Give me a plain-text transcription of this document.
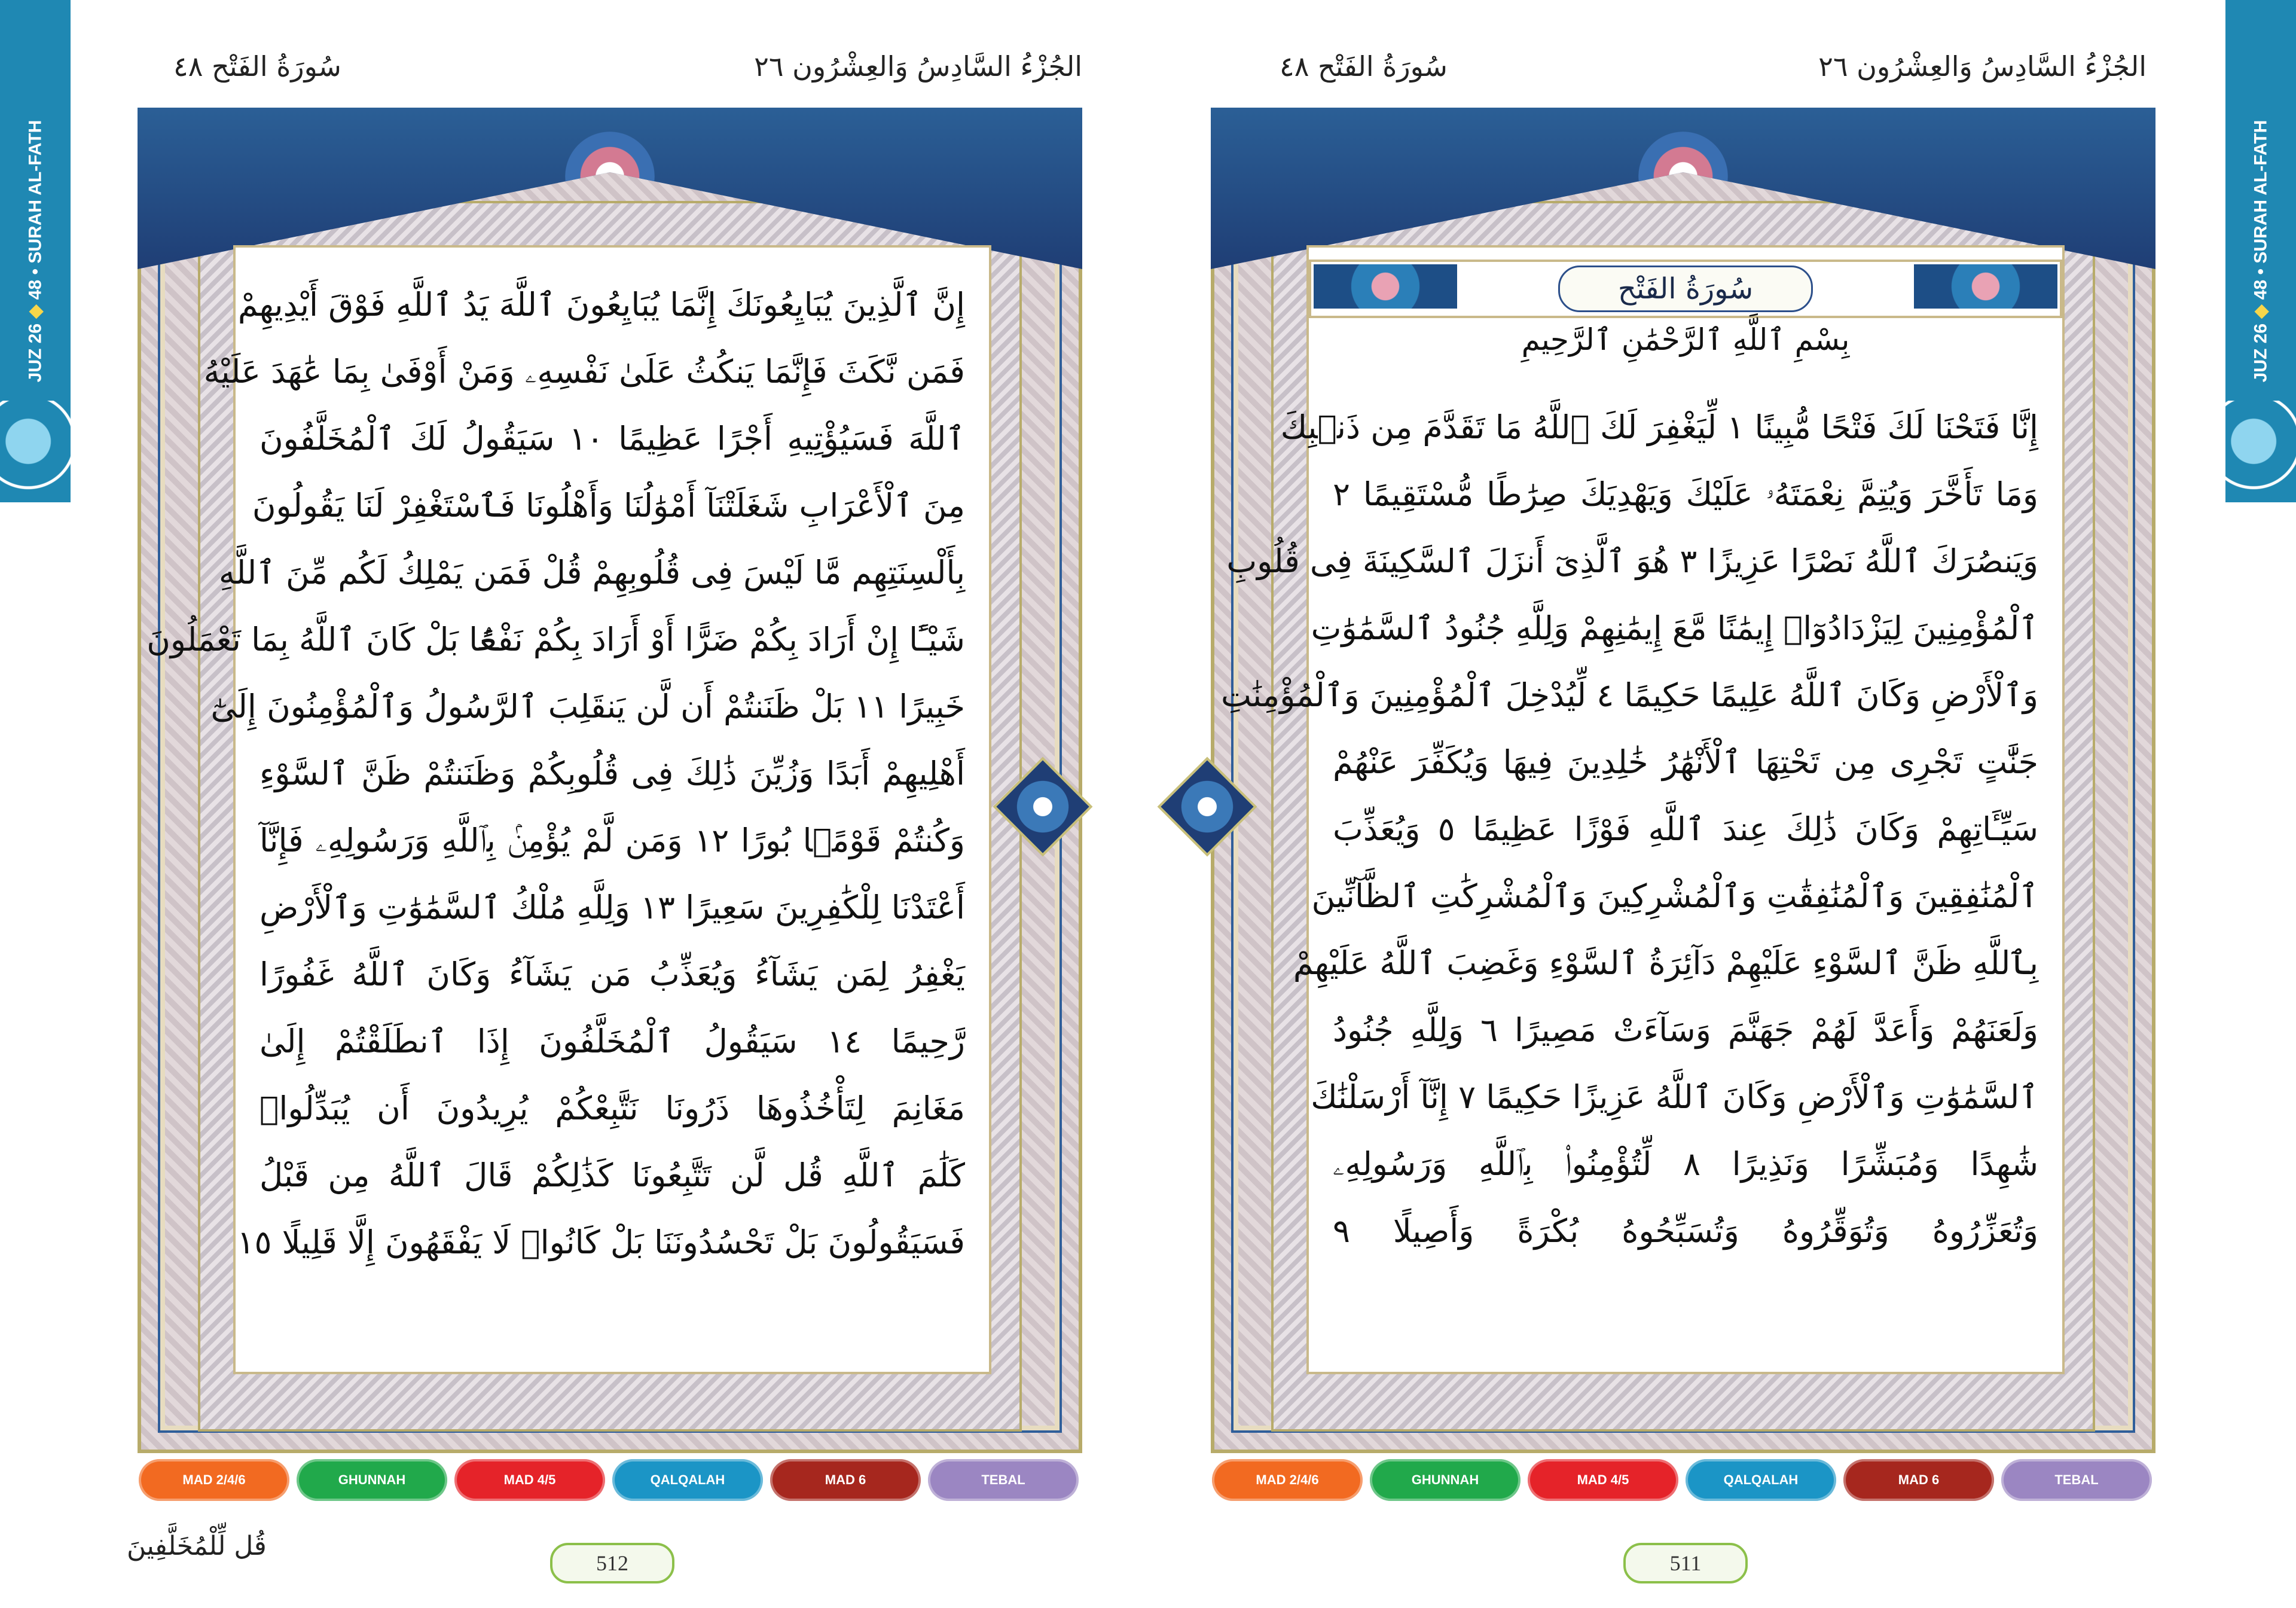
JUZ 26 ◆ 48 • SURAH AL-FATH
سُورَةُ الفَتْح ٤٨	الجُزْءُ السَّادِسُ وَالعِشْرُون ٢٦
إِنَّ ٱلَّذِينَ يُبَايِعُونَكَ إِنَّمَا يُبَايِعُونَ ٱللَّهَ يَدُ ٱللَّهِ فَوْقَ أَيْدِيهِمْ
فَمَن نَّكَثَ فَإِنَّمَا يَنكُثُ عَلَىٰ نَفْسِهِۦ وَمَنْ أَوْفَىٰ بِمَا عَٰهَدَ عَلَيْهُ
ٱللَّهَ فَسَيُؤْتِيهِ أَجْرًا عَظِيمًا ١٠ سَيَقُولُ لَكَ ٱلْمُخَلَّفُونَ
مِنَ ٱلْأَعْرَابِ شَغَلَتْنَآ أَمْوَٰلُنَا وَأَهْلُونَا فَٱسْتَغْفِرْ لَنَا يَقُولُونَ
بِأَلْسِنَتِهِم مَّا لَيْسَ فِى قُلُوبِهِمْ قُلْ فَمَن يَمْلِكُ لَكُم مِّنَ ٱللَّهِ
شَيْـًٔا إِنْ أَرَادَ بِكُمْ ضَرًّا أَوْ أَرَادَ بِكُمْ نَفْعًۢا بَلْ كَانَ ٱللَّهُ بِمَا تَعْمَلُونَ
خَبِيرًا ١١ بَلْ ظَنَنتُمْ أَن لَّن يَنقَلِبَ ٱلرَّسُولُ وَٱلْمُؤْمِنُونَ إِلَىٰٓ
أَهْلِيهِمْ أَبَدًا وَزُيِّنَ ذَٰلِكَ فِى قُلُوبِكُمْ وَظَنَنتُمْ ظَنَّ ٱلسَّوْءِ
وَكُنتُمْ قَوْمًۢا بُورًا ١٢ وَمَن لَّمْ يُؤْمِنۢ بِٱللَّهِ وَرَسُولِهِۦ فَإِنَّآ
أَعْتَدْنَا لِلْكَٰفِرِينَ سَعِيرًا ١٣ وَلِلَّهِ مُلْكُ ٱلسَّمَٰوَٰتِ وَٱلْأَرْضِ
يَغْفِرُ لِمَن يَشَآءُ وَيُعَذِّبُ مَن يَشَآءُ وَكَانَ ٱللَّهُ غَفُورًا
رَّحِيمًا ١٤ سَيَقُولُ ٱلْمُخَلَّفُونَ إِذَا ٱنطَلَقْتُمْ إِلَىٰ
مَغَانِمَ لِتَأْخُذُوهَا ذَرُونَا نَتَّبِعْكُمْ يُرِيدُونَ أَن يُبَدِّلُوا۟
كَلَٰمَ ٱللَّهِ قُل لَّن تَتَّبِعُونَا كَذَٰلِكُمْ قَالَ ٱللَّهُ مِن قَبْلُ
فَسَيَقُولُونَ بَلْ تَحْسُدُونَنَا بَلْ كَانُوا۟ لَا يَفْقَهُونَ إِلَّا قَلِيلًا ١٥
MAD 2/4/6	GHUNNAH	MAD 4/5	QALQALAH	MAD 6	TEBAL
قُل لِّلْمُخَلَّفِينَ
512
سُورَةُ الفَتْح ٤٨	الجُزْءُ السَّادِسُ وَالعِشْرُون ٢٦
سُورَةُ الفَتْح
بِسْمِ ٱللَّهِ ٱلرَّحْمَٰنِ ٱلرَّحِيمِ
إِنَّا فَتَحْنَا لَكَ فَتْحًا مُّبِينًا ١ لِّيَغْفِرَ لَكَ ٱللَّهُ مَا تَقَدَّمَ مِن ذَنۢبِكَ
وَمَا تَأَخَّرَ وَيُتِمَّ نِعْمَتَهُۥ عَلَيْكَ وَيَهْدِيَكَ صِرَٰطًا مُّسْتَقِيمًا ٢
وَيَنصُرَكَ ٱللَّهُ نَصْرًا عَزِيزًا ٣ هُوَ ٱلَّذِىٓ أَنزَلَ ٱلسَّكِينَةَ فِى قُلُوبِ
ٱلْمُؤْمِنِينَ لِيَزْدَادُوٓا۟ إِيمَٰنًا مَّعَ إِيمَٰنِهِمْ وَلِلَّهِ جُنُودُ ٱلسَّمَٰوَٰتِ
وَٱلْأَرْضِ وَكَانَ ٱللَّهُ عَلِيمًا حَكِيمًا ٤ لِّيُدْخِلَ ٱلْمُؤْمِنِينَ وَٱلْمُؤْمِنَٰتِ
جَنَّٰتٍ تَجْرِى مِن تَحْتِهَا ٱلْأَنْهَٰرُ خَٰلِدِينَ فِيهَا وَيُكَفِّرَ عَنْهُمْ
سَيِّـَٔاتِهِمْ وَكَانَ ذَٰلِكَ عِندَ ٱللَّهِ فَوْزًا عَظِيمًا ٥ وَيُعَذِّبَ
ٱلْمُنَٰفِقِينَ وَٱلْمُنَٰفِقَٰتِ وَٱلْمُشْرِكِينَ وَٱلْمُشْرِكَٰتِ ٱلظَّآنِّينَ
بِٱللَّهِ ظَنَّ ٱلسَّوْءِ عَلَيْهِمْ دَآئِرَةُ ٱلسَّوْءِ وَغَضِبَ ٱللَّهُ عَلَيْهِمْ
وَلَعَنَهُمْ وَأَعَدَّ لَهُمْ جَهَنَّمَ وَسَآءَتْ مَصِيرًا ٦ وَلِلَّهِ جُنُودُ
ٱلسَّمَٰوَٰتِ وَٱلْأَرْضِ وَكَانَ ٱللَّهُ عَزِيزًا حَكِيمًا ٧ إِنَّآ أَرْسَلْنَٰكَ
شَٰهِدًا وَمُبَشِّرًا وَنَذِيرًا ٨ لِّتُؤْمِنُوا۟ بِٱللَّهِ وَرَسُولِهِۦ
وَتُعَزِّرُوهُ وَتُوَقِّرُوهُ وَتُسَبِّحُوهُ بُكْرَةً وَأَصِيلًا ٩
MAD 2/4/6	GHUNNAH	MAD 4/5	QALQALAH	MAD 6	TEBAL
511
JUZ 26 ◆ 48 • SURAH AL-FATH
